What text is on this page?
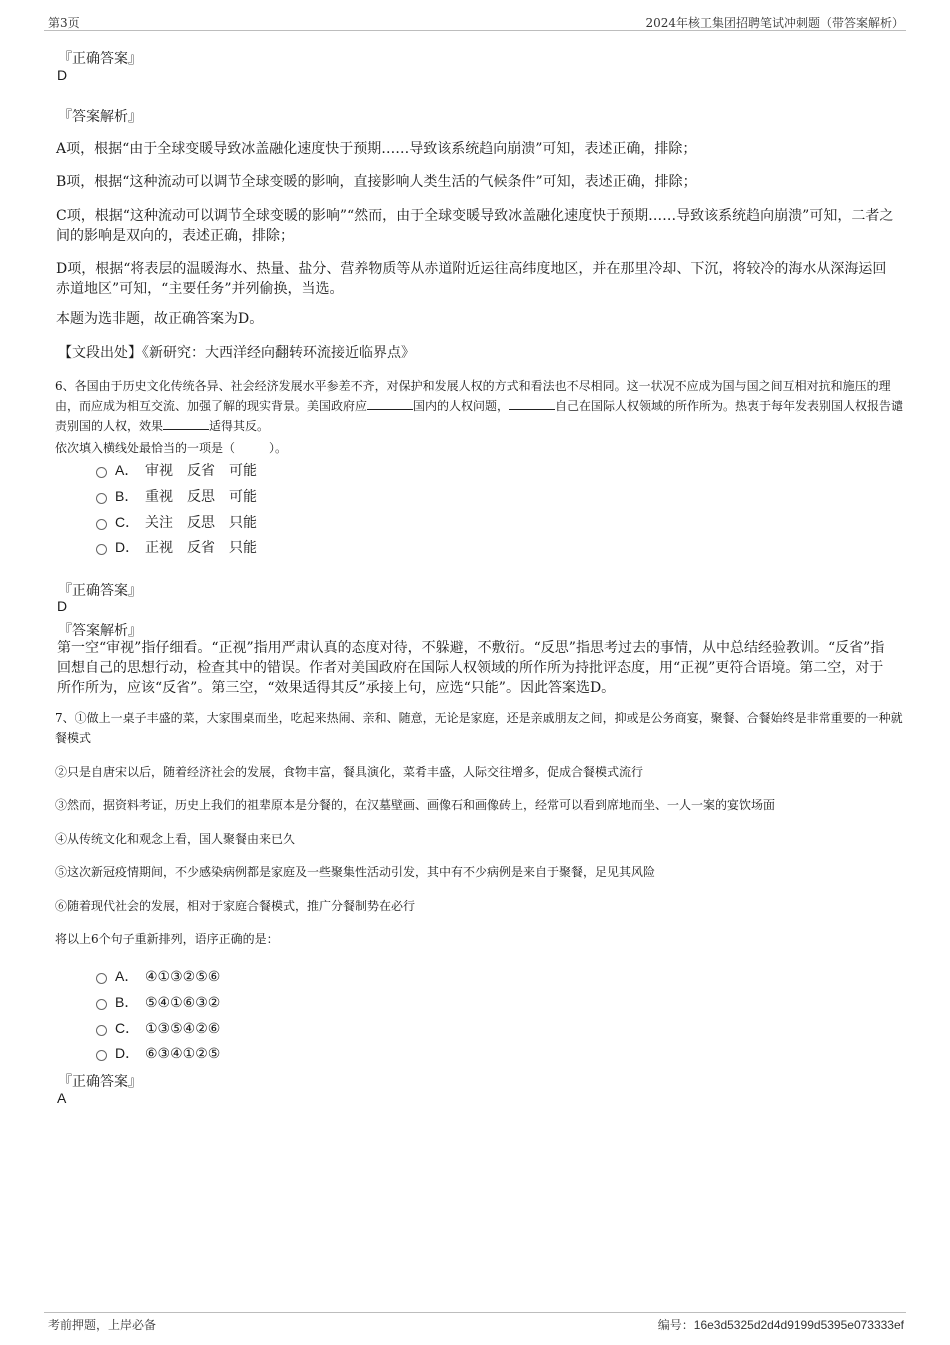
第3页	2024年核工集团招聘笔试冲刺题（带答案解析）
『正确答案』
D
『答案解析』
A项，根据“由于全球变暖导致冰盖融化速度快于预期……导致该系统趋向崩溃”可知，表述正确，排除；
B项，根据“这种流动可以调节全球变暖的影响，直接影响人类生活的气候条件”可知，表述正确，排除；
C项，根据“这种流动可以调节全球变暖的影响”“然而，由于全球变暖导致冰盖融化速度快于预期……导致该系统趋向崩溃”可知，二者之间的影响是双向的，表述正确，排除；
D项，根据“将表层的温暖海水、热量、盐分、营养物质等从赤道附近运往高纬度地区，并在那里冷却、下沉，将较冷的海水从深海运回赤道地区”可知，“主要任务”并列偷换，当选。
本题为选非题，故正确答案为D。
【文段出处】《新研究：大西洋经向翻转环流接近临界点》
6、各国由于历史文化传统各异、社会经济发展水平参差不齐，对保护和发展人权的方式和看法也不尽相同。这一状况不应成为国与国之间互相对抗和施压的理由，而应成为相互交流、加强了解的现实背景。美国政府应	国内的人权问题，	自己在国际人权领域的所作所为。热衷于每年发表别国人权报告谴责别国的人权，效果	适得其反。
依次填入横线处最恰当的一项是（	）。
A． 审视 反省 可能
B． 重视 反思 可能
C． 关注 反思 只能
D． 正视 反省 只能
『正确答案』
D
『答案解析』
第一空“审视”指仔细看。“正视”指用严肃认真的态度对待，不躲避，不敷衍。“反思”指思考过去的事情，从中总结经验教训。“反省”指回想自己的思想行动，检查其中的错误。作者对美国政府在国际人权领域的所作所为持批评态度，用“正视”更符合语境。第二空，对于所作所为，应该“反省”。第三空，“效果适得其反”承接上句，应选“只能”。因此答案选D。
7、①做上一桌子丰盛的菜，大家围桌而坐，吃起来热闹、亲和、随意，无论是家庭，还是亲戚朋友之间，抑或是公务商宴，聚餐、合餐始终是非常重要的一种就餐模式
②只是自唐宋以后，随着经济社会的发展，食物丰富，餐具演化，菜肴丰盛，人际交往增多，促成合餐模式流行
③然而，据资料考证，历史上我们的祖辈原本是分餐的，在汉墓壁画、画像石和画像砖上，经常可以看到席地而坐、一人一案的宴饮场面
④从传统文化和观念上看，国人聚餐由来已久
⑤这次新冠疫情期间，不少感染病例都是家庭及一些聚集性活动引发，其中有不少病例是来自于聚餐，足见其风险
⑥随着现代社会的发展，相对于家庭合餐模式，推广分餐制势在必行
将以上6个句子重新排列，语序正确的是：
A． ④①③②⑤⑥
B． ⑤④①⑥③②
C． ①③⑤④②⑥
D． ⑥③④①②⑤
『正确答案』
A
考前押题，上岸必备	编号：16e3d5325d2d4d9199d5395e073333ef
